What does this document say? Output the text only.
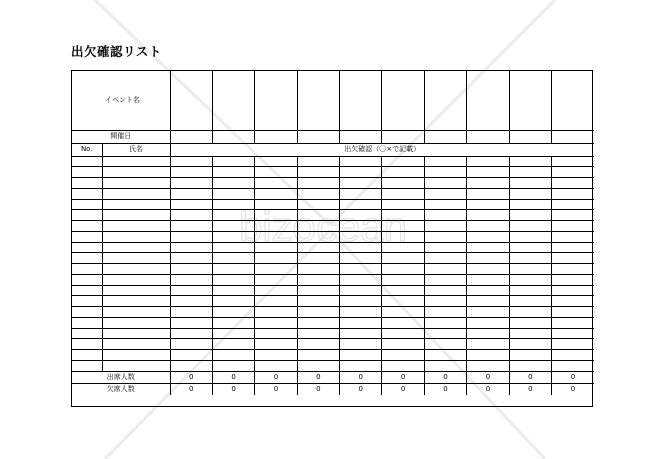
bizocean
出欠確認リスト
イベント名											
開催日											
No.	氏名	出欠確認（〇×で記載）									

出席人数		0	0	0	0	0	0	0	0	0	0
欠席人数		0	0	0	0	0	0	0	0	0	0
